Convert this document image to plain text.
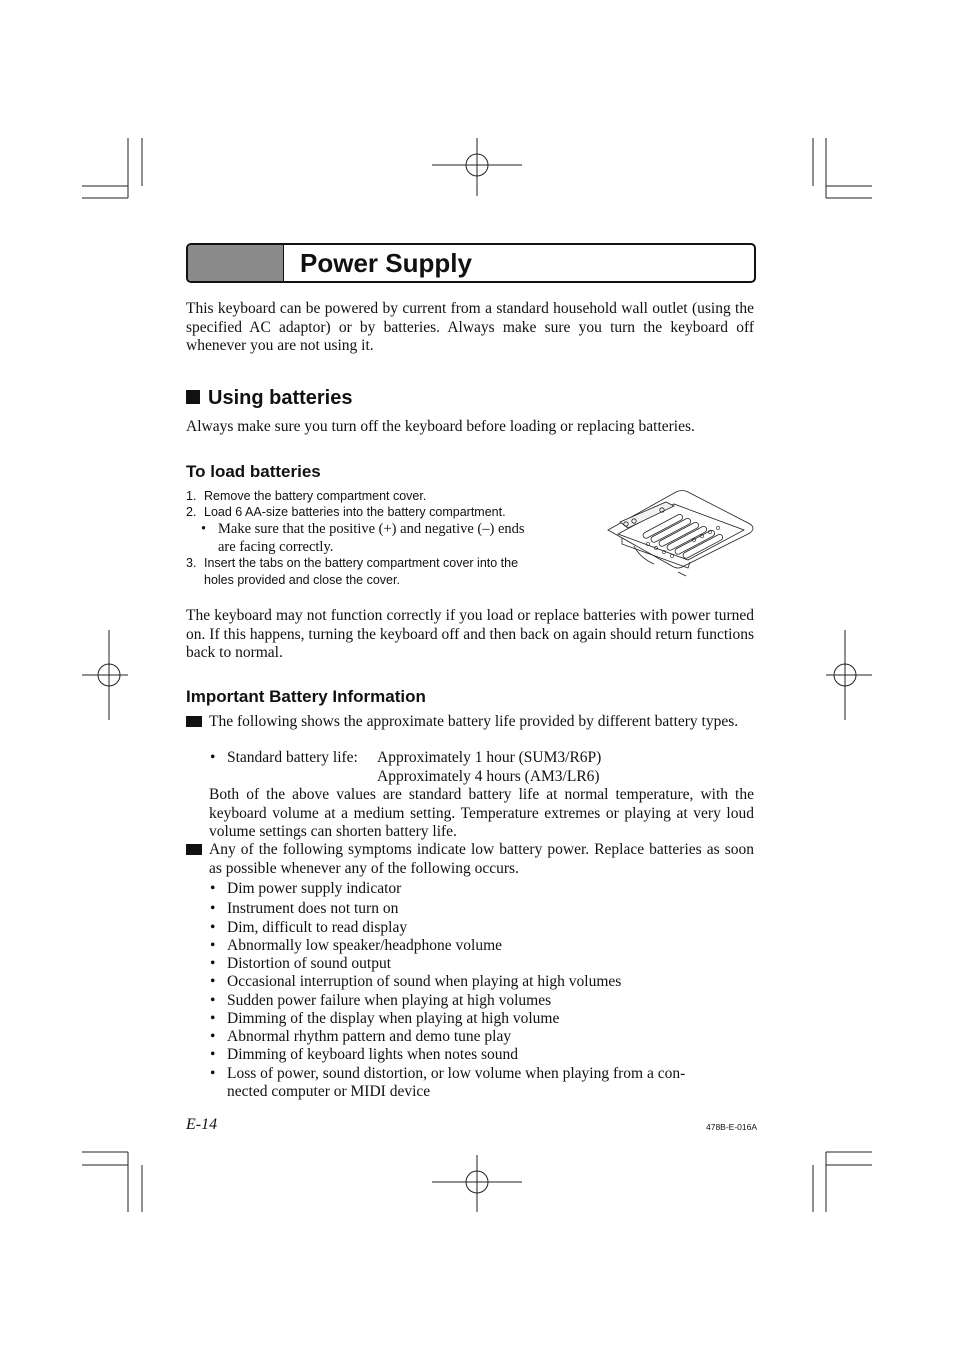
Power Supply
This keyboard can be powered by current from a standard household wall outlet (using the specified AC adaptor) or by batteries. Always make sure you turn the keyboard off whenever you are not using it.
Using batteries
Always make sure you turn off the keyboard before loading or replacing batteries.
To load batteries
1. Remove the battery compartment cover.
2. Load 6 AA-size batteries into the battery compartment.
• Make sure that the positive (+) and negative (–) ends
are facing correctly.
3. Insert the tabs on the battery compartment cover into the
holes provided and close the cover.
The keyboard may not function correctly if you load or replace batteries with power turned on. If this happens, turning the keyboard off and then back on again should return functions back to normal.
Important Battery Information
The following shows the approximate battery life provided by different battery types.
• Standard battery life: Approximately 1 hour (SUM3/R6P)
Approximately 4 hours (AM3/LR6)
Both of the above values are standard battery life at normal temperature, with the keyboard volume at a medium setting. Temperature extremes or playing at very loud volume settings can shorten battery life.
Any of the following symptoms indicate low battery power. Replace batteries as soon as possible whenever any of the following occurs.
• Dim power supply indicator
• Instrument does not turn on
• Dim, difficult to read display
• Abnormally low speaker/headphone volume
• Distortion of sound output
• Occasional interruption of sound when playing at high volumes
• Sudden power failure when playing at high volumes
• Dimming of the display when playing at high volume
• Abnormal rhythm pattern and demo tune play
• Dimming of keyboard lights when notes sound
• Loss of power, sound distortion, or low volume when playing from a con-
nected computer or MIDI device
E-14	478B-E-016A
